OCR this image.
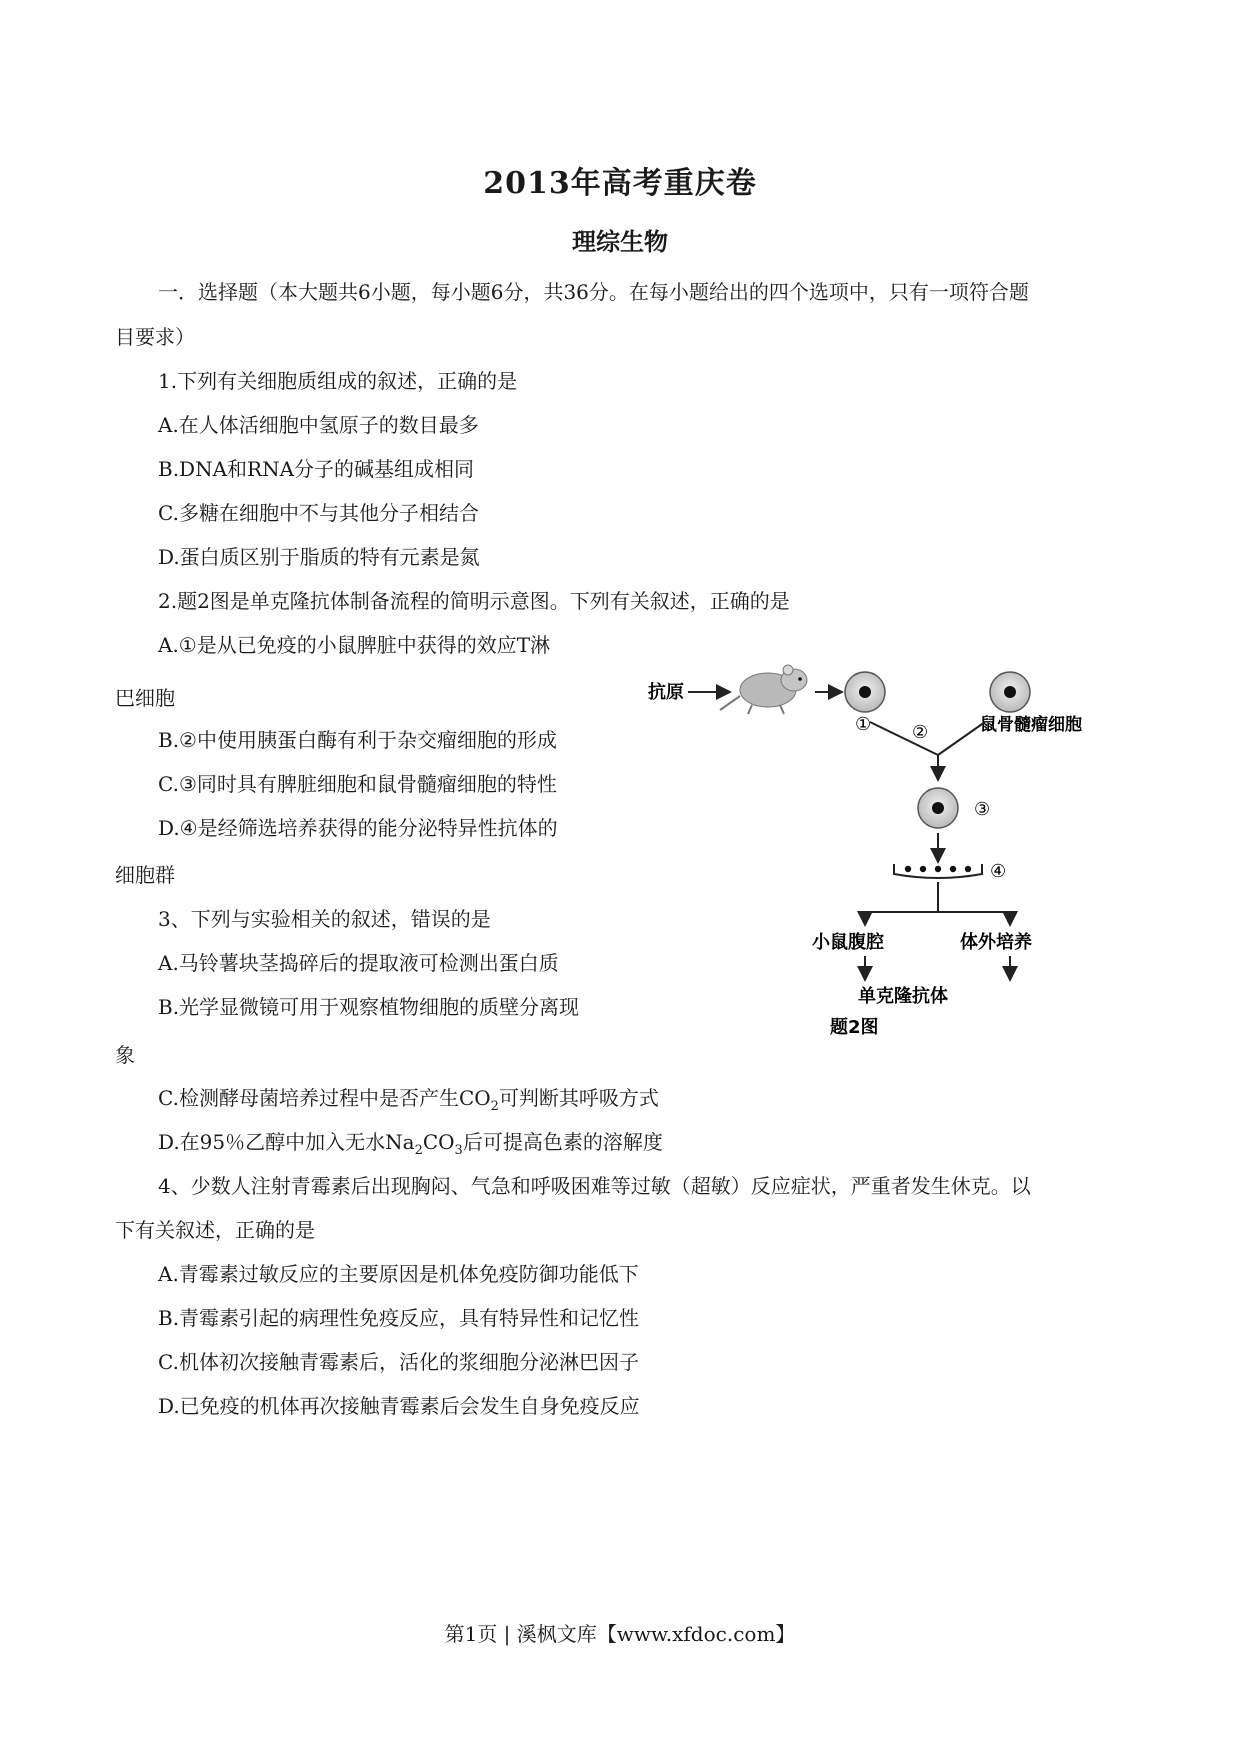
2013年高考重庆卷
理综生物
一．选择题（本大题共6小题，每小题6分，共36分。在每小题给出的四个选项中，只有一项符合题
目要求）
1.下列有关细胞质组成的叙述，正确的是
A.在人体活细胞中氢原子的数目最多
B.DNA和RNA分子的碱基组成相同
C.多糖在细胞中不与其他分子相结合
D.蛋白质区别于脂质的特有元素是氮
2.题2图是单克隆抗体制备流程的简明示意图。下列有关叙述，正确的是
A.①是从已免疫的小鼠脾脏中获得的效应T淋
巴细胞
B.②中使用胰蛋白酶有利于杂交瘤细胞的形成
C.③同时具有脾脏细胞和鼠骨髓瘤细胞的特性
D.④是经筛选培养获得的能分泌特异性抗体的
细胞群
3、下列与实验相关的叙述，错误的是
A.马铃薯块茎捣碎后的提取液可检测出蛋白质
B.光学显微镜可用于观察植物细胞的质壁分离现
象
C.检测酵母菌培养过程中是否产生$CO_2$可判断其呼吸方式
D.在95％乙醇中加入无水$Na_2CO_3$后可提高色素的溶解度
4、少数人注射青霉素后出现胸闷、气急和呼吸困难等过敏（超敏）反应症状，严重者发生休克。以
下有关叙述，正确的是
A.青霉素过敏反应的主要原因是机体免疫防御功能低下
B.青霉素引起的病理性免疫反应，具有特异性和记忆性
C.机体初次接触青霉素后，活化的浆细胞分泌淋巴因子
D.已免疫的机体再次接触青霉素后会发生自身免疫反应
抗原
①	鼠骨髓瘤细胞
②
③
④
小鼠腹腔	体外培养
单克隆抗体
题2图
第1页 | 溪枫文库【www.xfdoc.com】
